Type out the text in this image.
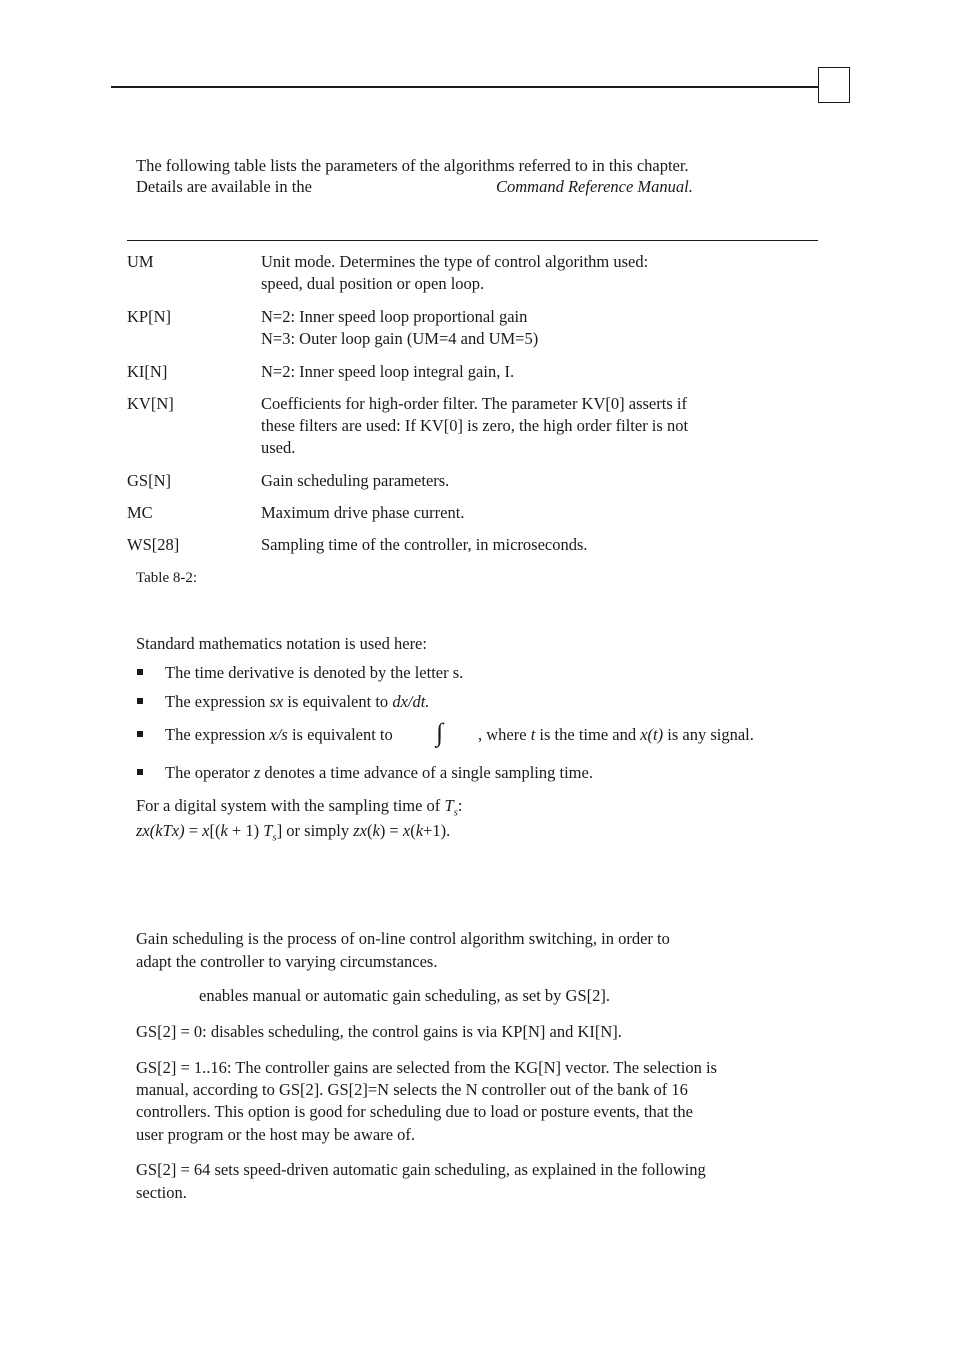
The following table lists the parameters of the algorithms referred to in this chapter.
Details are available in the	Command Reference Manual.
UM	Unit mode. Determines the type of control algorithm used:
speed, dual position or open loop.
KP[N]	N=2: Inner speed loop proportional gain
N=3: Outer loop gain (UM=4 and UM=5)
KI[N]	N=2: Inner speed loop integral gain, I.
KV[N]	Coefficients for high-order filter. The parameter KV[0] asserts if
these filters are used: If KV[0] is zero, the high order filter is not
used.
GS[N]	Gain scheduling parameters.
MC	Maximum drive phase current.
WS[28]	Sampling time of the controller, in microseconds.
Table 8-2:
Standard mathematics notation is used here:
The time derivative is denoted by the letter s.
The expression sx is equivalent to dx/dt.
The expression x/s is equivalent to ∫ , where t is the time and x(t) is any signal.
The operator z denotes a time advance of a single sampling time.
For a digital system with the sampling time of $T_s$:
zx(kTx) = x[(k + 1) $T_s$] or simply zx(k) = x(k+1).
Gain scheduling is the process of on-line control algorithm switching, in order to
adapt the controller to varying circumstances.
enables manual or automatic gain scheduling, as set by GS[2].
GS[2] = 0: disables scheduling, the control gains is via KP[N] and KI[N].
GS[2] = 1..16: The controller gains are selected from the KG[N] vector. The selection is
manual, according to GS[2]. GS[2]=N selects the N controller out of the bank of 16
controllers. This option is good for scheduling due to load or posture events, that the
user program or the host may be aware of.
GS[2] = 64 sets speed-driven automatic gain scheduling, as explained in the following
section.
